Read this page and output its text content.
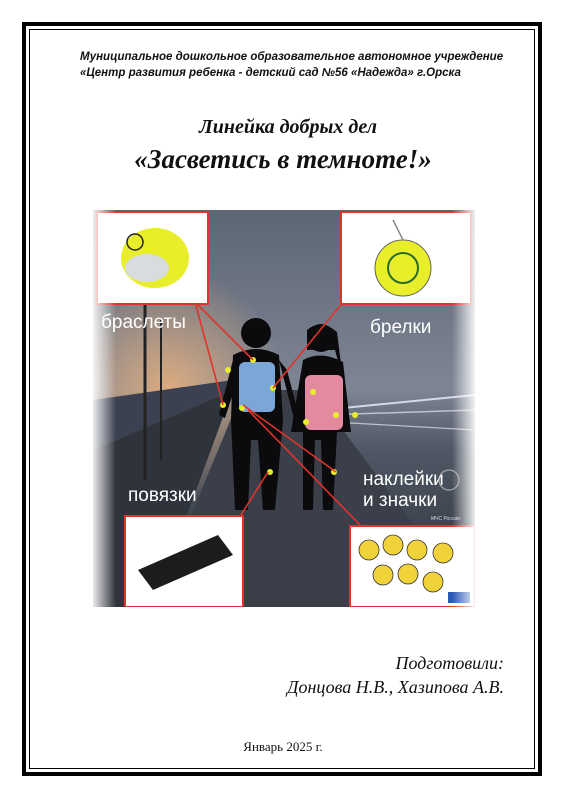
Муниципальное дошкольное образовательное автономное учреждение
«Центр развития ребенка - детский сад №56 «Надежда» г.Орска
Линейка добрых дел
«Засветись в темноте!»
Подготовили:
Донцова Н.В., Хазипова А.В.
Январь 2025 г.
